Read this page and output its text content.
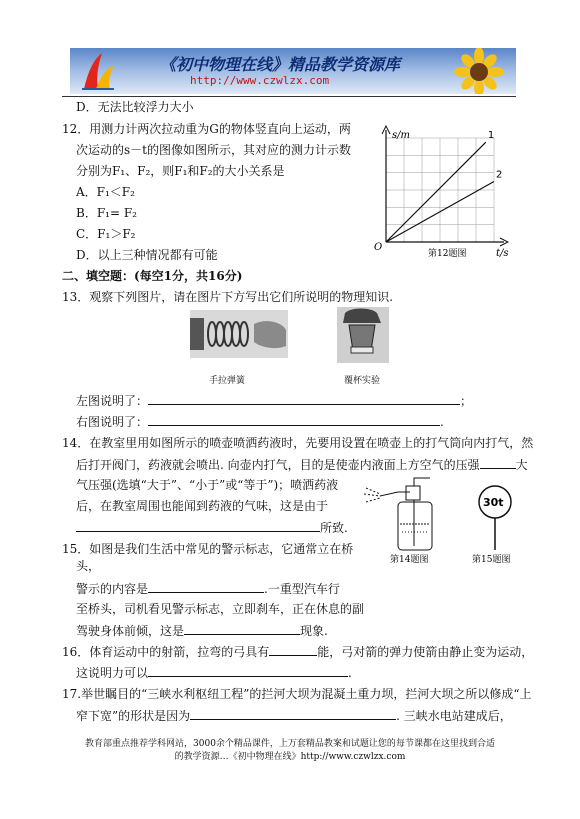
《初中物理在线》精品教学资源库
http://www.czwlzx.com
D．无法比较浮力大小
12．用测力计两次拉动重为G的物体竖直向上运动，两
次运动的s－t的图像如图所示，其对应的测力计示数
分别为F₁、F₂，则F₁和F₂的大小关系是
A．F₁＜F₂
B．F₁= F₂
C．F₁＞F₂
D．以上三种情况都有可能
1
2
s/m
t/s
O
第12题图
二、填空题：(每空1分，共16分)
13．观察下列图片，请在图片下方写出它们所说明的物理知识.
手拉弹簧	覆杯实验
左图说明了：	；
右图说明了：	.
14．在教室里用如图所示的喷壶喷洒药液时，先要用设置在喷壶上的打气筒向内打气，然
后打开阀门，药液就会喷出. 向壶内打气，目的是使壶内液面上方空气的压强	大
气压强(选填“大于”、“小于”或“等于”)；喷洒药液
后，在教室周围也能闻到药液的气味，这是由于
所致.
第14题图
30t
第15题图
15．如图是我们生活中常见的警示标志，它通常立在桥
头，
警示的内容是	.一重型汽车行
至桥头，司机看见警示标志，立即刹车，正在休息的副
驾驶身体前倾，这是	现象.
16．体育运动中的射箭，拉弯的弓具有	能，弓对箭的弹力使箭由静止变为运动，
这说明力可以	.
17.举世瞩目的“三峡水利枢纽工程”的拦河大坝为混凝土重力坝，拦河大坝之所以修成“上
窄下宽”的形状是因为	. 三峡水电站建成后，
教育部重点推荐学科网站，3000余个精品课件，上万套精品教案和试题让您的每节课都在这里找到合适
的教学资源…《初中物理在线》http://www.czwlzx.com
